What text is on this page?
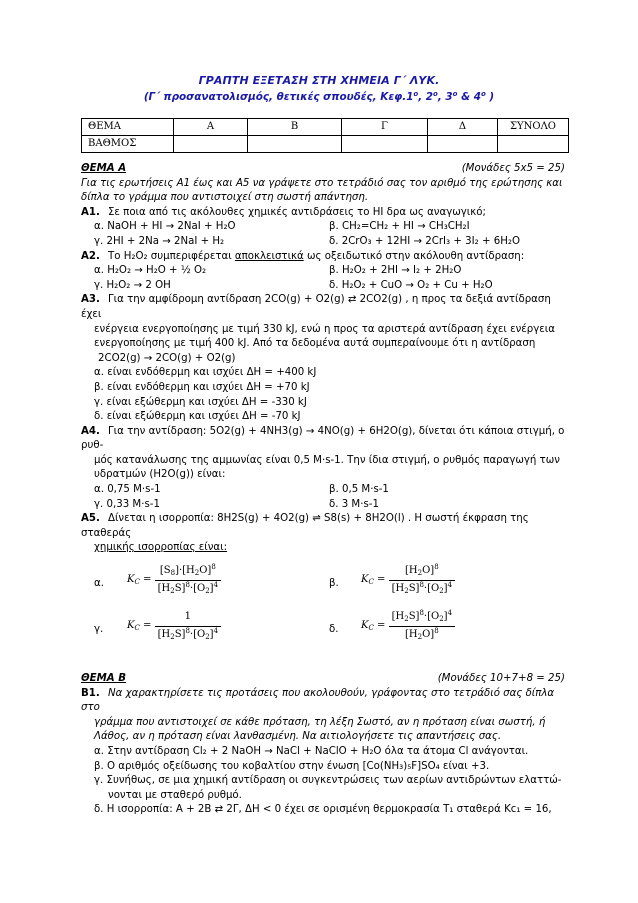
ΓΡΑΠΤΗ ΕΞΕΤΑΣΗ ΣΤΗ ΧΗΜΕΙΑ Γ΄ ΛΥΚ.
(Γ΄ προσανατολισμός, θετικές σπουδές, $K\varepsilon\varphi.1^o$, $2^o$, $3^o$ & $4^o$ )
ΘΕΜΑ	Α	Β	Γ	Δ	ΣΥΝΟΛΟ
ΒΑΘΜΟΣ					
ΘΕΜΑ Α	(Μονάδες 5x5 = 25)
Για τις ερωτήσεις Α1 έως και Α5 να γράψετε στο τετράδιό σας τον αριθμό της ερώτησης και δίπλα το γράμμα που αντιστοιχεί στη σωστή απάντηση.
Α1. Σε ποια από τις ακόλουθες χημικές αντιδράσεις το HI δρα ως αναγωγικό;
α. NaOH + HI → 2NaI + H₂O	β. CH₂=CH₂ + HI → CH₃CH₂I
γ. 2HI + 2Na → 2NaI + H₂	δ. 2CrO₃ + 12HI → 2CrI₃ + 3I₂ + 6H₂O
Α2. Το H₂O₂ συμπεριφέρεται αποκλειστικά ως οξειδωτικό στην ακόλουθη αντίδραση:
α. H₂O₂ → H₂O + ½ O₂	β. H₂O₂ + 2HI → I₂ + 2H₂O
γ. H₂O₂ → 2 OH	δ. H₂O₂ + CuO → O₂ + Cu + H₂O
Α3. Για την αμφίδρομη αντίδραση 2CO(g) + O2(g) ⇄ 2CO2(g) , η προς τα δεξιά αντίδραση έχει
ενέργεια ενεργοποίησης με τιμή 330 kJ, ενώ η προς τα αριστερά αντίδραση έχει ενέργεια
ενεργοποίησης με τιμή 400 kJ. Από τα δεδομένα αυτά συμπεραίνουμε ότι η αντίδραση
2CO2(g) → 2CO(g) + O2(g)
α. είναι ενδόθερμη και ισχύει ΔH = +400 kJ
β. είναι ενδόθερμη και ισχύει ΔH = +70 kJ
γ. είναι εξώθερμη και ισχύει ΔH = -330 kJ
δ. είναι εξώθερμη και ισχύει ΔH = -70 kJ
Α4. Για την αντίδραση: 5O2(g) + 4NH3(g) → 4NO(g) + 6H2O(g), δίνεται ότι κάποια στιγμή, ο ρυθ-
μός κατανάλωσης της αμμωνίας είναι 0,5 M·s-1. Την ίδια στιγμή, ο ρυθμός παραγωγή των
υδρατμών (H2O(g)) είναι:
α. 0,75 M·s-1	β. 0,5 M·s-1
γ. 0,33 M·s-1	δ. 3 M·s-1
Α5. Δίνεται η ισορροπία: 8H2S(g) + 4O2(g) ⇌ S8(s) + 8H2O(l) . Η σωστή έκφραση της σταθεράς
χημικής ισορροπίας είναι:
α. $K_C = \frac{[S_8]\cdot[H_2O]^8}{[H_2S]^8\cdot[O_2]^4}$	β. $K_C = \frac{[H_2O]^8}{[H_2S]^8\cdot[O_2]^4}$
γ. $K_C = \frac{1}{[H_2S]^8\cdot[O_2]^4}$	δ. $K_C = \frac{[H_2S]^8\cdot[O_2]^4}{[H_2O]^8}$
ΘΕΜΑ Β	(Μονάδες 10+7+8 = 25)
Β1. Να χαρακτηρίσετε τις προτάσεις που ακολουθούν, γράφοντας στο τετράδιό σας δίπλα στο
γράμμα που αντιστοιχεί σε κάθε πρόταση, τη λέξη Σωστό, αν η πρόταση είναι σωστή, ή
Λάθος, αν η πρόταση είναι λανθασμένη. Να αιτιολογήσετε τις απαντήσεις σας.
α. Στην αντίδραση Cl₂ + 2 NaOH → NaCl + NaClO + H₂O όλα τα άτομα Cl ανάγονται.
β. Ο αριθμός οξείδωσης του κοβαλτίου στην ένωση [Co(NH₃)₅F]SO₄ είναι +3.
γ. Συνήθως, σε μια χημική αντίδραση οι συγκεντρώσεις των αερίων αντιδρώντων ελαττώ-
νονται με σταθερό ρυθμό.
δ. Η ισορροπία: A + 2B ⇄ 2Γ, ΔH < 0 έχει σε ορισμένη θερμοκρασία T₁ σταθερά Kc₁ = 16,
